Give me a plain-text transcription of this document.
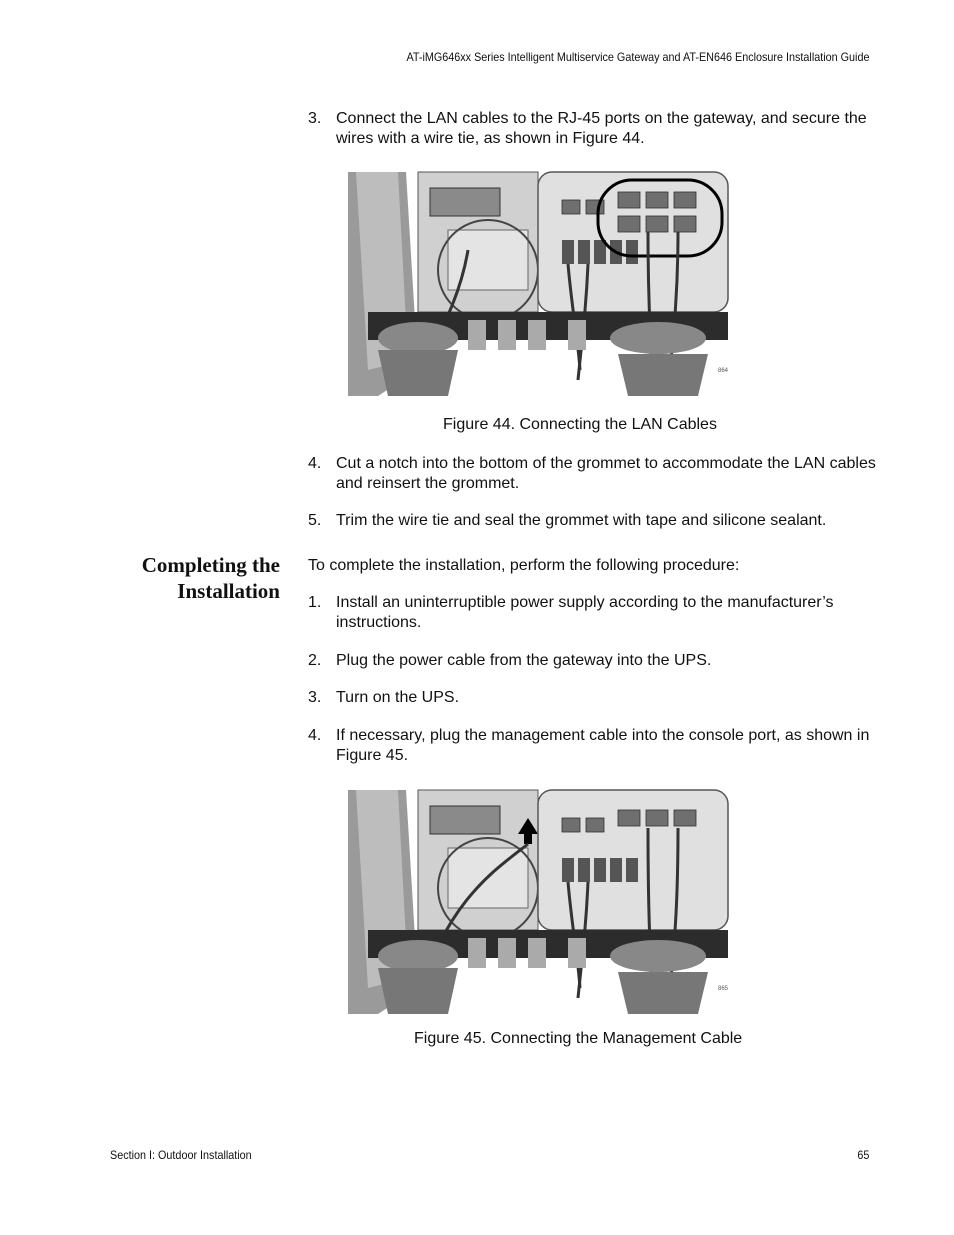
AT-iMG646xx Series Intelligent Multiservice Gateway and AT-EN646 Enclosure Installation Guide
3. Connect the LAN cables to the RJ-45 ports on the gateway, and secure the wires with a wire tie, as shown in Figure 44.
864
Figure 44. Connecting the LAN Cables
4. Cut a notch into the bottom of the grommet to accommodate the LAN cables and reinsert the grommet.
5. Trim the wire tie and seal the grommet with tape and silicone sealant.
Completing the
Installation
To complete the installation, perform the following procedure:
1. Install an uninterruptible power supply according to the manufacturer’s instructions.
2. Plug the power cable from the gateway into the UPS.
3. Turn on the UPS.
4. If necessary, plug the management cable into the console port, as shown in Figure 45.
865
Figure 45. Connecting the Management Cable
Section I: Outdoor Installation	65
